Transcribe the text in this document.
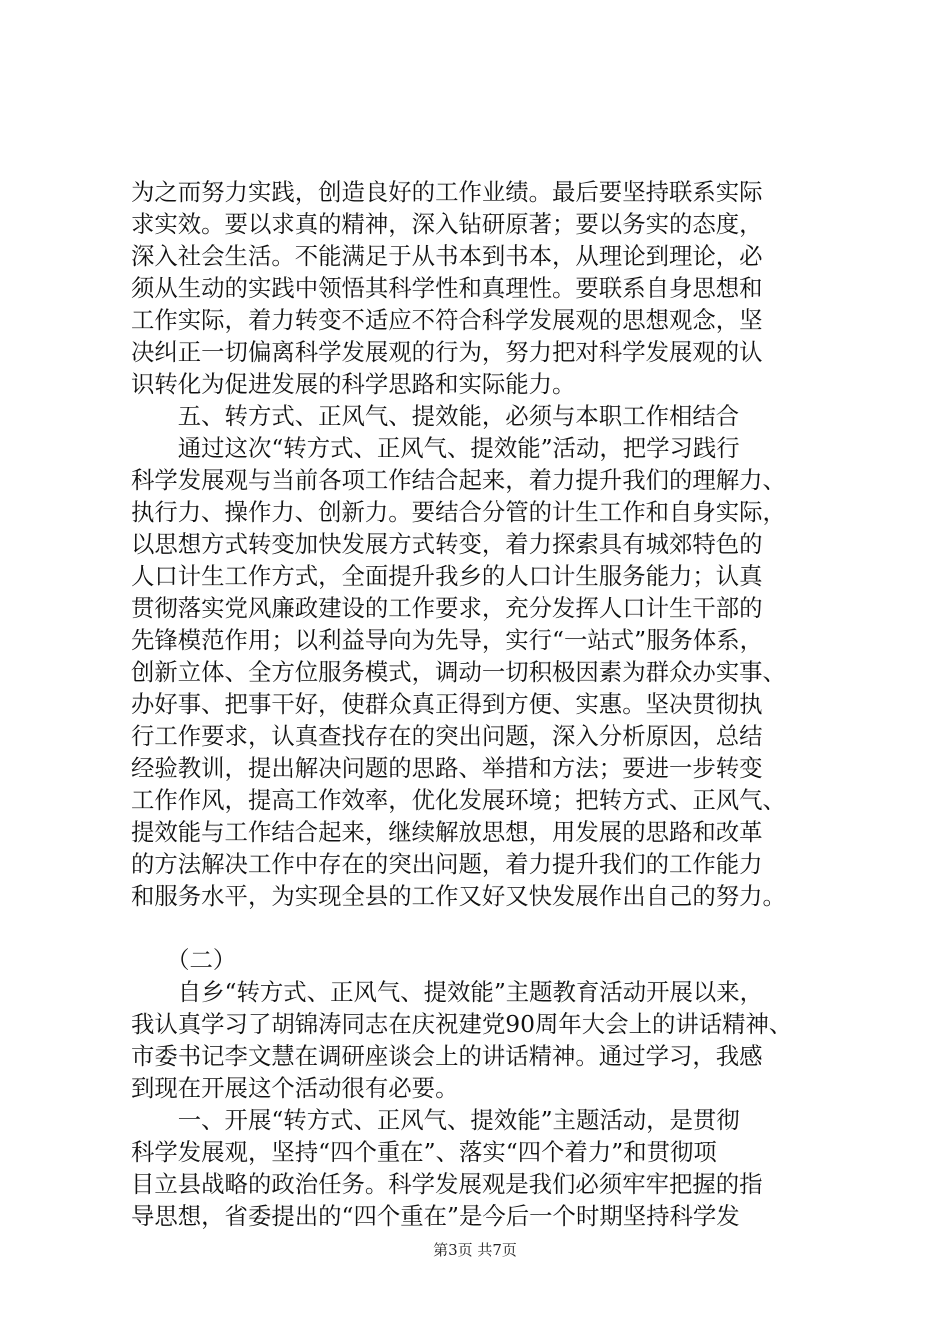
为之而努力实践，创造良好的工作业绩。最后要坚持联系实际
求实效。要以求真的精神，深入钻研原著；要以务实的态度，
深入社会生活。不能满足于从书本到书本，从理论到理论，必
须从生动的实践中领悟其科学性和真理性。要联系自身思想和
工作实际，着力转变不适应不符合科学发展观的思想观念，坚
决纠正一切偏离科学发展观的行为，努力把对科学发展观的认
识转化为促进发展的科学思路和实际能力。
　　五、转方式、正风气、提效能，必须与本职工作相结合
　　通过这次“转方式、正风气、提效能”活动，把学习践行
科学发展观与当前各项工作结合起来，着力提升我们的理解力、
执行力、操作力、创新力。要结合分管的计生工作和自身实际，
以思想方式转变加快发展方式转变，着力探索具有城郊特色的
人口计生工作方式，全面提升我乡的人口计生服务能力；认真
贯彻落实党风廉政建设的工作要求，充分发挥人口计生干部的
先锋模范作用；以利益导向为先导，实行“一站式”服务体系，
创新立体、全方位服务模式，调动一切积极因素为群众办实事、
办好事、把事干好，使群众真正得到方便、实惠。坚决贯彻执
行工作要求，认真查找存在的突出问题，深入分析原因，总结
经验教训，提出解决问题的思路、举措和方法；要进一步转变
工作作风，提高工作效率，优化发展环境；把转方式、正风气、
提效能与工作结合起来，继续解放思想，用发展的思路和改革
的方法解决工作中存在的突出问题，着力提升我们的工作能力
和服务水平，为实现全县的工作又好又快发展作出自己的努力。
　　（二）
　　自乡“转方式、正风气、提效能”主题教育活动开展以来，
我认真学习了胡锦涛同志在庆祝建党90周年大会上的讲话精神、
市委书记李文慧在调研座谈会上的讲话精神。通过学习，我感
到现在开展这个活动很有必要。
　　一、开展“转方式、正风气、提效能”主题活动，是贯彻
科学发展观，坚持“四个重在”、落实“四个着力”和贯彻项
目立县战略的政治任务。科学发展观是我们必须牢牢把握的指
导思想，省委提出的“四个重在”是今后一个时期坚持科学发
第3页 共7页
